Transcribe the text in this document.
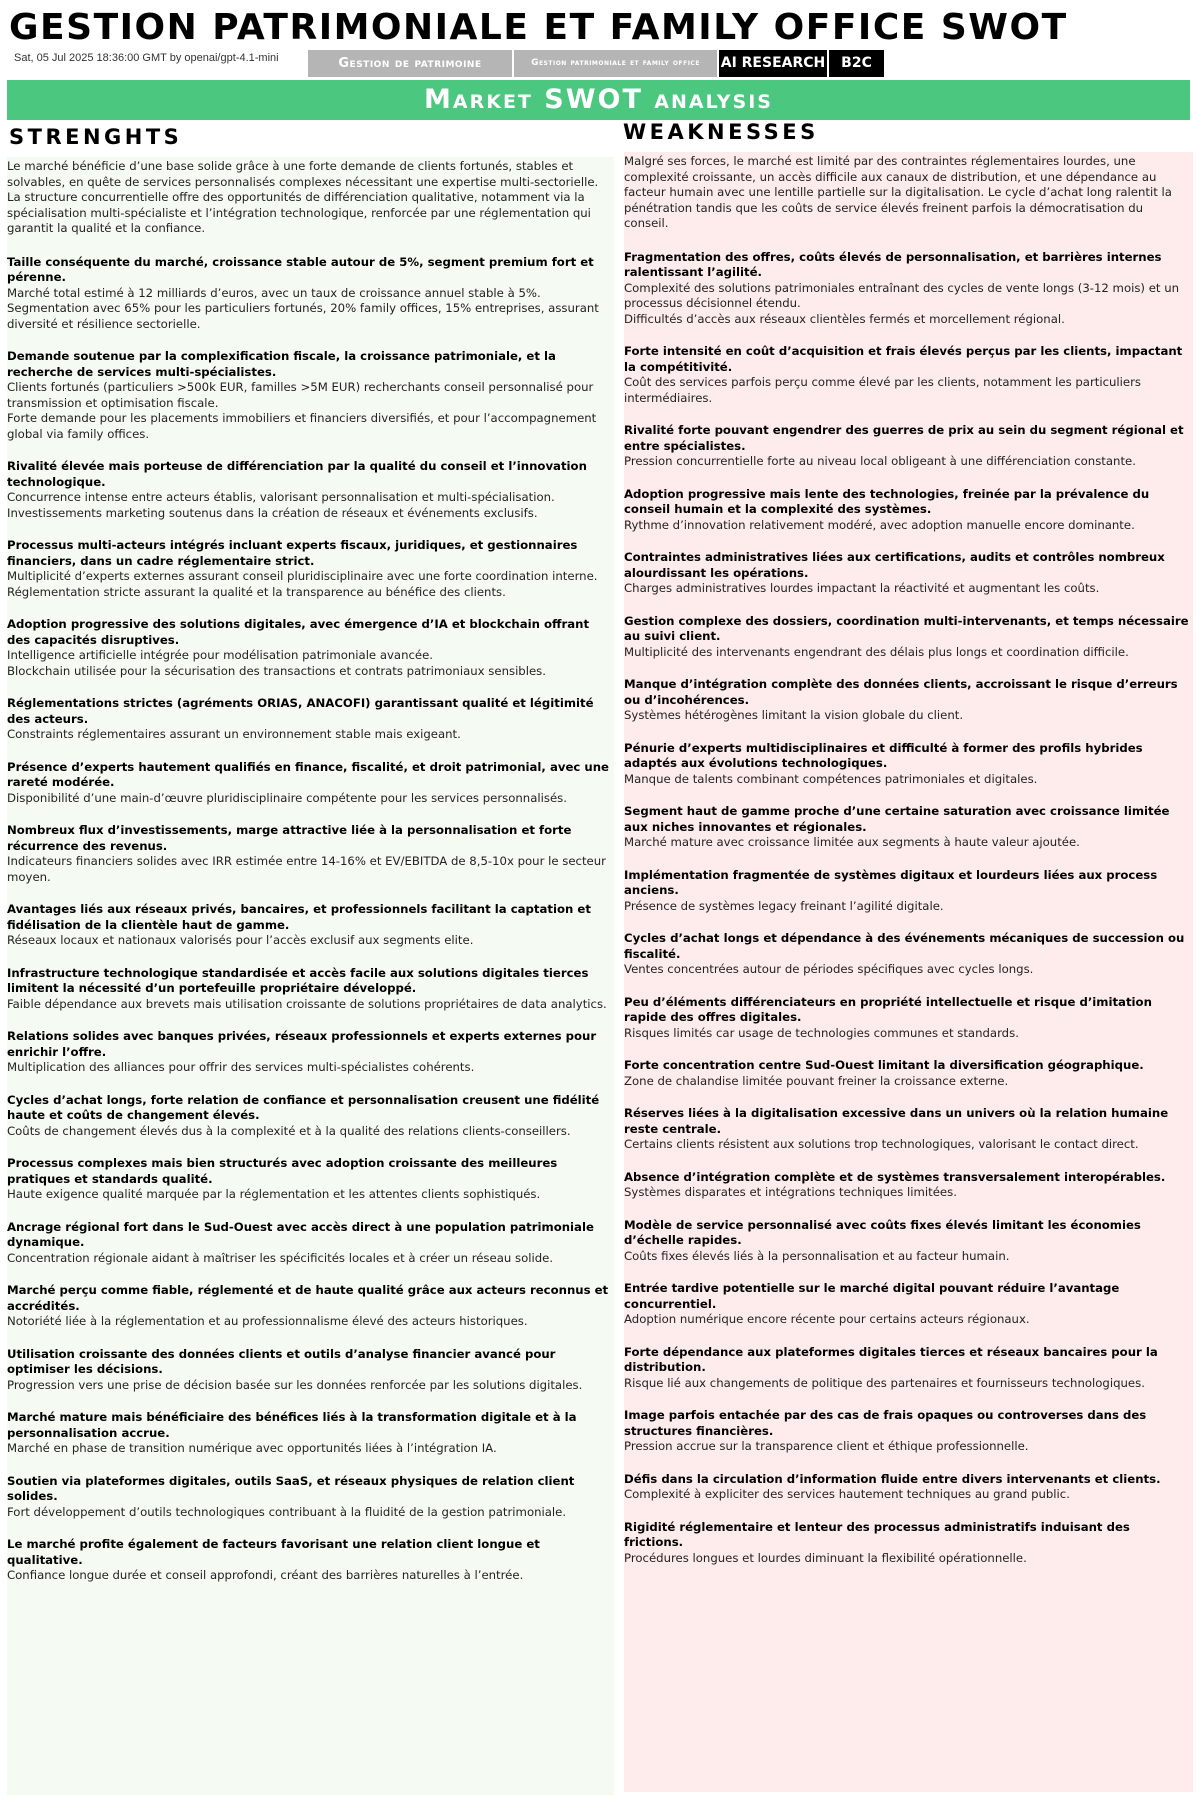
GESTION PATRIMONIALE ET FAMILY OFFICE SWOT
Sat, 05 Jul 2025 18:36:00 GMT by openai/gpt-4.1-mini	Gestion de patrimoine	Gestion patrimoniale et family office	AI RESEARCH	B2C
Market SWOT analysis
STRENGHTS	WEAKNESSES

Le marché bénéficie d’une base solide grâce à une forte demande de clients fortunés, stables et solvables, en quête de services personnalisés complexes nécessitant une expertise multi-sectorielle. La structure concurrentielle offre des opportunités de différenciation qualitative, notamment via la spécialisation multi-spécialiste et l’intégration technologique, renforcée par une réglementation qui garantit la qualité et la confiance.

Taille conséquente du marché, croissance stable autour de 5%, segment premium fort et pérenne.

Marché total estimé à 12 milliards d’euros, avec un taux de croissance annuel stable à 5%.
Segmentation avec 65% pour les particuliers fortunés, 20% family offices, 15% entreprises, assurant diversité et résilience sectorielle.

Demande soutenue par la complexification fiscale, la croissance patrimoniale, et la recherche de services multi-spécialistes.

Clients fortunés (particuliers >500k EUR, familles >5M EUR) recherchants conseil personnalisé pour transmission et optimisation fiscale.
Forte demande pour les placements immobiliers et financiers diversifiés, et pour l’accompagnement global via family offices.

Rivalité élevée mais porteuse de différenciation par la qualité du conseil et l’innovation technologique.

Concurrence intense entre acteurs établis, valorisant personnalisation et multi-spécialisation.
Investissements marketing soutenus dans la création de réseaux et événements exclusifs.

Processus multi-acteurs intégrés incluant experts fiscaux, juridiques, et gestionnaires financiers, dans un cadre réglementaire strict.

Multiplicité d’experts externes assurant conseil pluridisciplinaire avec une forte coordination interne.
Réglementation stricte assurant la qualité et la transparence au bénéfice des clients.

Adoption progressive des solutions digitales, avec émergence d’IA et blockchain offrant des capacités disruptives.

Intelligence artificielle intégrée pour modélisation patrimoniale avancée.
Blockchain utilisée pour la sécurisation des transactions et contrats patrimoniaux sensibles.

Réglementations strictes (agréments ORIAS, ANACOFI) garantissant qualité et légitimité des acteurs.

Constraints réglementaires assurant un environnement stable mais exigeant.

Présence d’experts hautement qualifiés en finance, fiscalité, et droit patrimonial, avec une rareté modérée.

Disponibilité d’une main-d’œuvre pluridisciplinaire compétente pour les services personnalisés.

Nombreux flux d’investissements, marge attractive liée à la personnalisation et forte récurrence des revenus.

Indicateurs financiers solides avec IRR estimée entre 14-16% et EV/EBITDA de 8,5-10x pour le secteur moyen.

Avantages liés aux réseaux privés, bancaires, et professionnels facilitant la captation et fidélisation de la clientèle haut de gamme.

Réseaux locaux et nationaux valorisés pour l’accès exclusif aux segments elite.

Infrastructure technologique standardisée et accès facile aux solutions digitales tierces limitent la nécessité d’un portefeuille propriétaire développé.

Faible dépendance aux brevets mais utilisation croissante de solutions propriétaires de data analytics.

Relations solides avec banques privées, réseaux professionnels et experts externes pour enrichir l’offre.

Multiplication des alliances pour offrir des services multi-spécialistes cohérents.

Cycles d’achat longs, forte relation de confiance et personnalisation creusent une fidélité haute et coûts de changement élevés.

Coûts de changement élevés dus à la complexité et à la qualité des relations clients-conseillers.

Processus complexes mais bien structurés avec adoption croissante des meilleures pratiques et standards qualité.

Haute exigence qualité marquée par la réglementation et les attentes clients sophistiqués.

Ancrage régional fort dans le Sud-Ouest avec accès direct à une population patrimoniale dynamique.

Concentration régionale aidant à maîtriser les spécificités locales et à créer un réseau solide.

Marché perçu comme fiable, réglementé et de haute qualité grâce aux acteurs reconnus et accrédités.

Notoriété liée à la réglementation et au professionnalisme élevé des acteurs historiques.

Utilisation croissante des données clients et outils d’analyse financier avancé pour optimiser les décisions.

Progression vers une prise de décision basée sur les données renforcée par les solutions digitales.

Marché mature mais bénéficiaire des bénéfices liés à la transformation digitale et à la personnalisation accrue.

Marché en phase de transition numérique avec opportunités liées à l’intégration IA.

Soutien via plateformes digitales, outils SaaS, et réseaux physiques de relation client solides.

Fort développement d’outils technologiques contribuant à la fluidité de la gestion patrimoniale.

Le marché profite également de facteurs favorisant une relation client longue et qualitative.

Confiance longue durée et conseil approfondi, créant des barrières naturelles à l’entrée.

Malgré ses forces, le marché est limité par des contraintes réglementaires lourdes, une complexité croissante, un accès difficile aux canaux de distribution, et une dépendance au facteur humain avec une lentille partielle sur la digitalisation. Le cycle d’achat long ralentit la pénétration tandis que les coûts de service élevés freinent parfois la démocratisation du conseil.

Fragmentation des offres, coûts élevés de personnalisation, et barrières internes ralentissant l’agilité.

Complexité des solutions patrimoniales entraînant des cycles de vente longs (3-12 mois) et un processus décisionnel étendu.
Difficultés d’accès aux réseaux clientèles fermés et morcellement régional.

Forte intensité en coût d’acquisition et frais élevés perçus par les clients, impactant la compétitivité.

Coût des services parfois perçu comme élevé par les clients, notamment les particuliers intermédiaires.

Rivalité forte pouvant engendrer des guerres de prix au sein du segment régional et entre spécialistes.

Pression concurrentielle forte au niveau local obligeant à une différenciation constante.

Adoption progressive mais lente des technologies, freinée par la prévalence du conseil humain et la complexité des systèmes.

Rythme d’innovation relativement modéré, avec adoption manuelle encore dominante.

Contraintes administratives liées aux certifications, audits et contrôles nombreux alourdissant les opérations.

Charges administratives lourdes impactant la réactivité et augmentant les coûts.

Gestion complexe des dossiers, coordination multi-intervenants, et temps nécessaire au suivi client.

Multiplicité des intervenants engendrant des délais plus longs et coordination difficile.

Manque d’intégration complète des données clients, accroissant le risque d’erreurs ou d’incohérences.

Systèmes hétérogènes limitant la vision globale du client.

Pénurie d’experts multidisciplinaires et difficulté à former des profils hybrides adaptés aux évolutions technologiques.

Manque de talents combinant compétences patrimoniales et digitales.

Segment haut de gamme proche d’une certaine saturation avec croissance limitée aux niches innovantes et régionales.

Marché mature avec croissance limitée aux segments à haute valeur ajoutée.

Implémentation fragmentée de systèmes digitaux et lourdeurs liées aux process anciens.

Présence de systèmes legacy freinant l’agilité digitale.

Cycles d’achat longs et dépendance à des événements mécaniques de succession ou fiscalité.

Ventes concentrées autour de périodes spécifiques avec cycles longs.

Peu d’éléments différenciateurs en propriété intellectuelle et risque d’imitation rapide des offres digitales.

Risques limités car usage de technologies communes et standards.

Forte concentration centre Sud-Ouest limitant la diversification géographique.

Zone de chalandise limitée pouvant freiner la croissance externe.

Réserves liées à la digitalisation excessive dans un univers où la relation humaine reste centrale.

Certains clients résistent aux solutions trop technologiques, valorisant le contact direct.

Absence d’intégration complète et de systèmes transversalement interopérables.

Systèmes disparates et intégrations techniques limitées.

Modèle de service personnalisé avec coûts fixes élevés limitant les économies d’échelle rapides.

Coûts fixes élevés liés à la personnalisation et au facteur humain.

Entrée tardive potentielle sur le marché digital pouvant réduire l’avantage concurrentiel.

Adoption numérique encore récente pour certains acteurs régionaux.

Forte dépendance aux plateformes digitales tierces et réseaux bancaires pour la distribution.

Risque lié aux changements de politique des partenaires et fournisseurs technologiques.

Image parfois entachée par des cas de frais opaques ou controverses dans des structures financières.

Pression accrue sur la transparence client et éthique professionnelle.

Défis dans la circulation d’information fluide entre divers intervenants et clients.

Complexité à expliciter des services hautement techniques au grand public.

Rigidité réglementaire et lenteur des processus administratifs induisant des frictions.

Procédures longues et lourdes diminuant la flexibilité opérationnelle.
